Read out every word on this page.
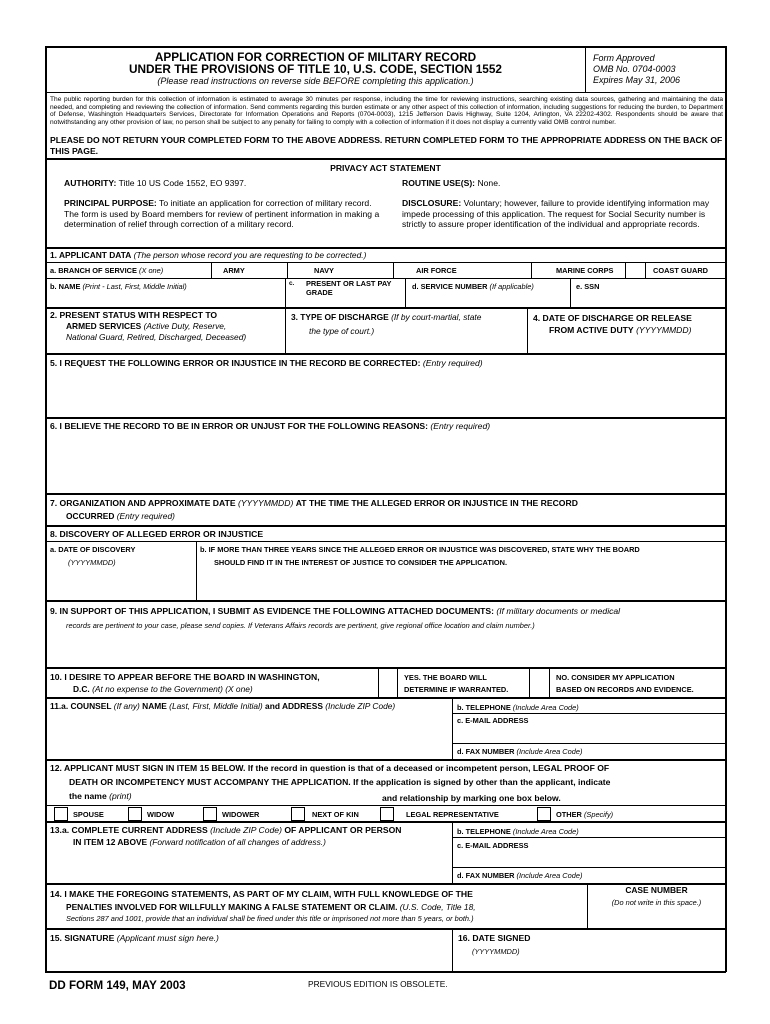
APPLICATION FOR CORRECTION OF MILITARY RECORD
UNDER THE PROVISIONS OF TITLE 10, U.S. CODE, SECTION 1552
(Please read instructions on reverse side BEFORE completing this application.)
Form Approved
OMB No. 0704-0003
Expires May 31, 2006
The public reporting burden for this collection of information is estimated to average 30 minutes per response, including the time for reviewing instructions, searching existing data sources, gathering and maintaining the data needed, and completing and reviewing the collection of information. Send comments regarding this burden estimate or any other aspect of this collection of information, including suggestions for reducing the burden, to Department of Defense, Washington Headquarters Services, Directorate for Information Operations and Reports (0704-0003), 1215 Jefferson Davis Highway, Suite 1204, Arlington, VA 22202-4302. Respondents should be aware that notwithstanding any other provision of law, no person shall be subject to any penalty for failing to comply with a collection of information if it does not display a currently valid OMB control number.
PLEASE DO NOT RETURN YOUR COMPLETED FORM TO THE ABOVE ADDRESS. RETURN COMPLETED FORM TO THE APPROPRIATE ADDRESS ON THE BACK OF THIS PAGE.
PRIVACY ACT STATEMENT
AUTHORITY: Title 10 US Code 1552, EO 9397.	ROUTINE USE(S): None.
PRINCIPAL PURPOSE: To initiate an application for correction of military record. The form is used by Board members for review of pertinent information in making a determination of relief through correction of a military record.
DISCLOSURE: Voluntary; however, failure to provide identifying information may impede processing of this application. The request for Social Security number is strictly to assure proper identification of the individual and appropriate records.
1. APPLICANT DATA (The person whose record you are requesting to be corrected.)
a. BRANCH OF SERVICE (X one)	ARMY	NAVY	AIR FORCE	MARINE CORPS	COAST GUARD
b. NAME (Print - Last, First, Middle Initial)	c. PRESENT OR LAST PAY GRADE
d. SERVICE NUMBER (If applicable)	e. SSN
2. PRESENT STATUS WITH RESPECT TO
ARMED SERVICES (Active Duty, Reserve,
National Guard, Retired, Discharged, Deceased)
3. TYPE OF DISCHARGE (If by court-martial, state
the type of court.)
4. DATE OF DISCHARGE OR RELEASE
FROM ACTIVE DUTY (YYYYMMDD)
5. I REQUEST THE FOLLOWING ERROR OR INJUSTICE IN THE RECORD BE CORRECTED: (Entry required)
6. I BELIEVE THE RECORD TO BE IN ERROR OR UNJUST FOR THE FOLLOWING REASONS: (Entry required)
7. ORGANIZATION AND APPROXIMATE DATE (YYYYMMDD) AT THE TIME THE ALLEGED ERROR OR INJUSTICE IN THE RECORD
OCCURRED (Entry required)
8. DISCOVERY OF ALLEGED ERROR OR INJUSTICE
a. DATE OF DISCOVERY
(YYYYMMDD)
b. IF MORE THAN THREE YEARS SINCE THE ALLEGED ERROR OR INJUSTICE WAS DISCOVERED, STATE WHY THE BOARD
SHOULD FIND IT IN THE INTEREST OF JUSTICE TO CONSIDER THE APPLICATION.
9. IN SUPPORT OF THIS APPLICATION, I SUBMIT AS EVIDENCE THE FOLLOWING ATTACHED DOCUMENTS: (If military documents or medical
records are pertinent to your case, please send copies. If Veterans Affairs records are pertinent, give regional office location and claim number.)
10. I DESIRE TO APPEAR BEFORE THE BOARD IN WASHINGTON,
D.C. (At no expense to the Government) (X one)
YES. THE BOARD WILL
DETERMINE IF WARRANTED.
NO. CONSIDER MY APPLICATION
BASED ON RECORDS AND EVIDENCE.
11.a. COUNSEL (If any) NAME (Last, First, Middle Initial) and ADDRESS (Include ZIP Code)	b. TELEPHONE (Include Area Code)
c. E-MAIL ADDRESS
d. FAX NUMBER (Include Area Code)
12. APPLICANT MUST SIGN IN ITEM 15 BELOW. If the record in question is that of a deceased or incompetent person, LEGAL PROOF OF
DEATH OR INCOMPETENCY MUST ACCOMPANY THE APPLICATION. If the application is signed by other than the applicant, indicate
the name (print)	and relationship by marking one box below.
SPOUSE	WIDOW	WIDOWER	NEXT OF KIN	LEGAL REPRESENTATIVE	OTHER (Specify)
13.a. COMPLETE CURRENT ADDRESS (Include ZIP Code) OF APPLICANT OR PERSON
IN ITEM 12 ABOVE (Forward notification of all changes of address.)
b. TELEPHONE (Include Area Code)
c. E-MAIL ADDRESS
d. FAX NUMBER (Include Area Code)
14. I MAKE THE FOREGOING STATEMENTS, AS PART OF MY CLAIM, WITH FULL KNOWLEDGE OF THE
PENALTIES INVOLVED FOR WILLFULLY MAKING A FALSE STATEMENT OR CLAIM. (U.S. Code, Title 18,
Sections 287 and 1001, provide that an individual shall be fined under this title or imprisoned not more than 5 years, or both.)
CASE NUMBER
(Do not write in this space.)
15. SIGNATURE (Applicant must sign here.)	16. DATE SIGNED
(YYYYMMDD)
DD FORM 149, MAY 2003	PREVIOUS EDITION IS OBSOLETE.
